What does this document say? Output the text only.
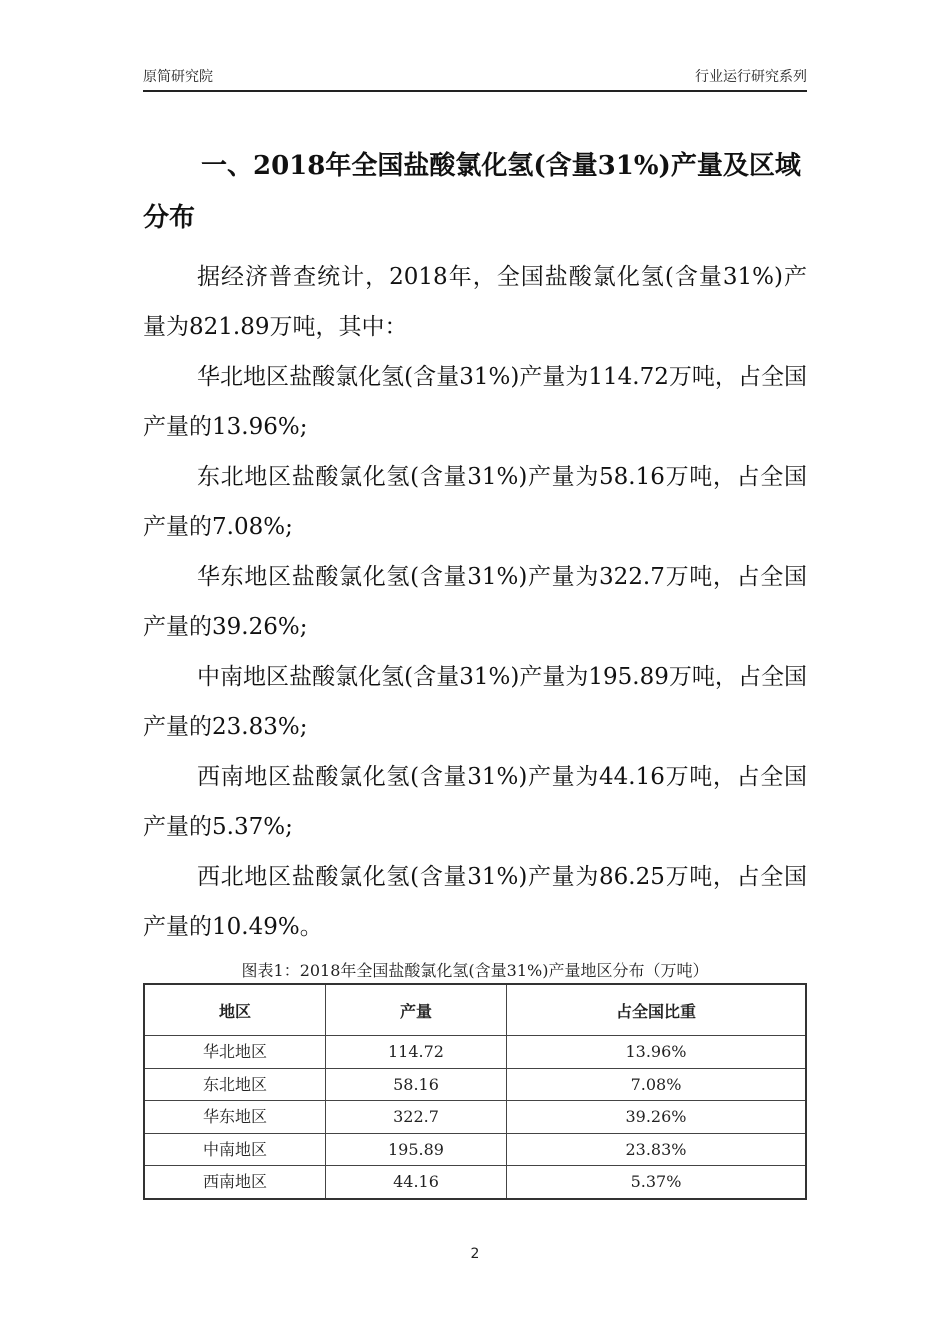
原简研究院	行业运行研究系列
一、2018年全国盐酸氯化氢(含量31%)产量及区域分布

据经济普查统计，2018年，全国盐酸氯化氢(含量31%)产量为821.89万吨，其中：

华北地区盐酸氯化氢(含量31%)产量为114.72万吨，占全国产量的13.96%;

东北地区盐酸氯化氢(含量31%)产量为58.16万吨，占全国产量的7.08%;

华东地区盐酸氯化氢(含量31%)产量为322.7万吨，占全国产量的39.26%;

中南地区盐酸氯化氢(含量31%)产量为195.89万吨，占全国产量的23.83%;

西南地区盐酸氯化氢(含量31%)产量为44.16万吨，占全国产量的5.37%;

西北地区盐酸氯化氢(含量31%)产量为86.25万吨，占全国产量的10.49%。

图表1：2018年全国盐酸氯化氢(含量31%)产量地区分布（万吨）
地区	产量	占全国比重
华北地区	114.72	13.96%
东北地区	58.16	7.08%
华东地区	322.7	39.26%
中南地区	195.89	23.83%
西南地区	44.16	5.37%
2
